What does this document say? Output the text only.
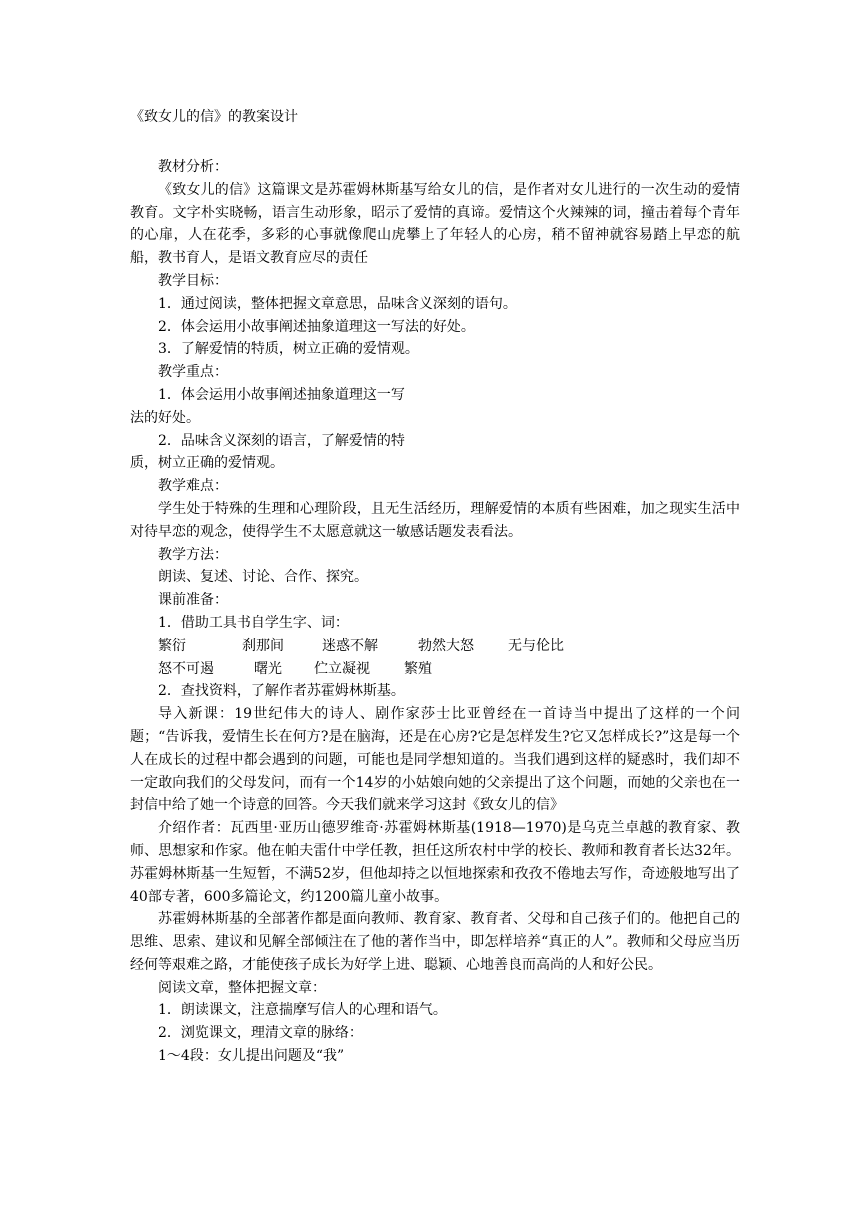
《致女儿的信》的教案设计

教材分析：

《致女儿的信》这篇课文是苏霍姆林斯基写给女儿的信，是作者对女儿进行的一次生动的爱情教育。文字朴实晓畅，语言生动形象，昭示了爱情的真谛。爱情这个火辣辣的词，撞击着每个青年的心扉，人在花季，多彩的心事就像爬山虎攀上了年轻人的心房，稍不留神就容易踏上早恋的航船，教书育人，是语文教育应尽的责任

教学目标：

1．通过阅读，整体把握文章意思，品味含义深刻的语句。

2．体会运用小故事阐述抽象道理这一写法的好处。

3．了解爱情的特质，树立正确的爱情观。

教学重点：

1．体会运用小故事阐述抽象道理这一写

法的好处。

2．品味含义深刻的语言，了解爱情的特

质，树立正确的爱情观。

教学难点：

学生处于特殊的生理和心理阶段，且无生活经历，理解爱情的本质有些困难，加之现实生活中对待早恋的观念，使得学生不太愿意就这一敏感话题发表看法。

教学方法：

朗读、复述、讨论、合作、探究。

课前准备：

1．借助工具书自学生字、词：

繁衍	刹那间	迷惑不解	勃然大怒	无与伦比
怒不可遏	曙光	伫立凝视	繁殖

2．查找资料，了解作者苏霍姆林斯基。

导入新课：19世纪伟大的诗人、剧作家莎士比亚曾经在一首诗当中提出了这样的一个问题；“告诉我，爱情生长在何方?是在脑海，还是在心房?它是怎样发生?它又怎样成长?”这是每一个人在成长的过程中都会遇到的问题，可能也是同学想知道的。当我们遇到这样的疑惑时，我们却不一定敢向我们的父母发问，而有一个14岁的小姑娘向她的父亲提出了这个问题，而她的父亲也在一封信中给了她一个诗意的回答。今天我们就来学习这封《致女儿的信》

介绍作者：瓦西里·亚历山德罗维奇·苏霍姆林斯基(1918—1970)是乌克兰卓越的教育家、教师、思想家和作家。他在帕夫雷什中学任教，担任这所农村中学的校长、教师和教育者长达32年。苏霍姆林斯基一生短暂，不满52岁，但他却持之以恒地探索和孜孜不倦地去写作，奇迹般地写出了40部专著，600多篇论文，约1200篇儿童小故事。

苏霍姆林斯基的全部著作都是面向教师、教育家、教育者、父母和自己孩子们的。他把自己的思维、思索、建议和见解全部倾注在了他的著作当中，即怎样培养“真正的人”。教师和父母应当历经何等艰难之路，才能使孩子成长为好学上进、聪颖、心地善良而高尚的人和好公民。

阅读文章，整体把握文章：

1．朗读课文，注意揣摩写信人的心理和语气。

2．浏览课文，理清文章的脉络：

1～4段：女儿提出问题及“我”
